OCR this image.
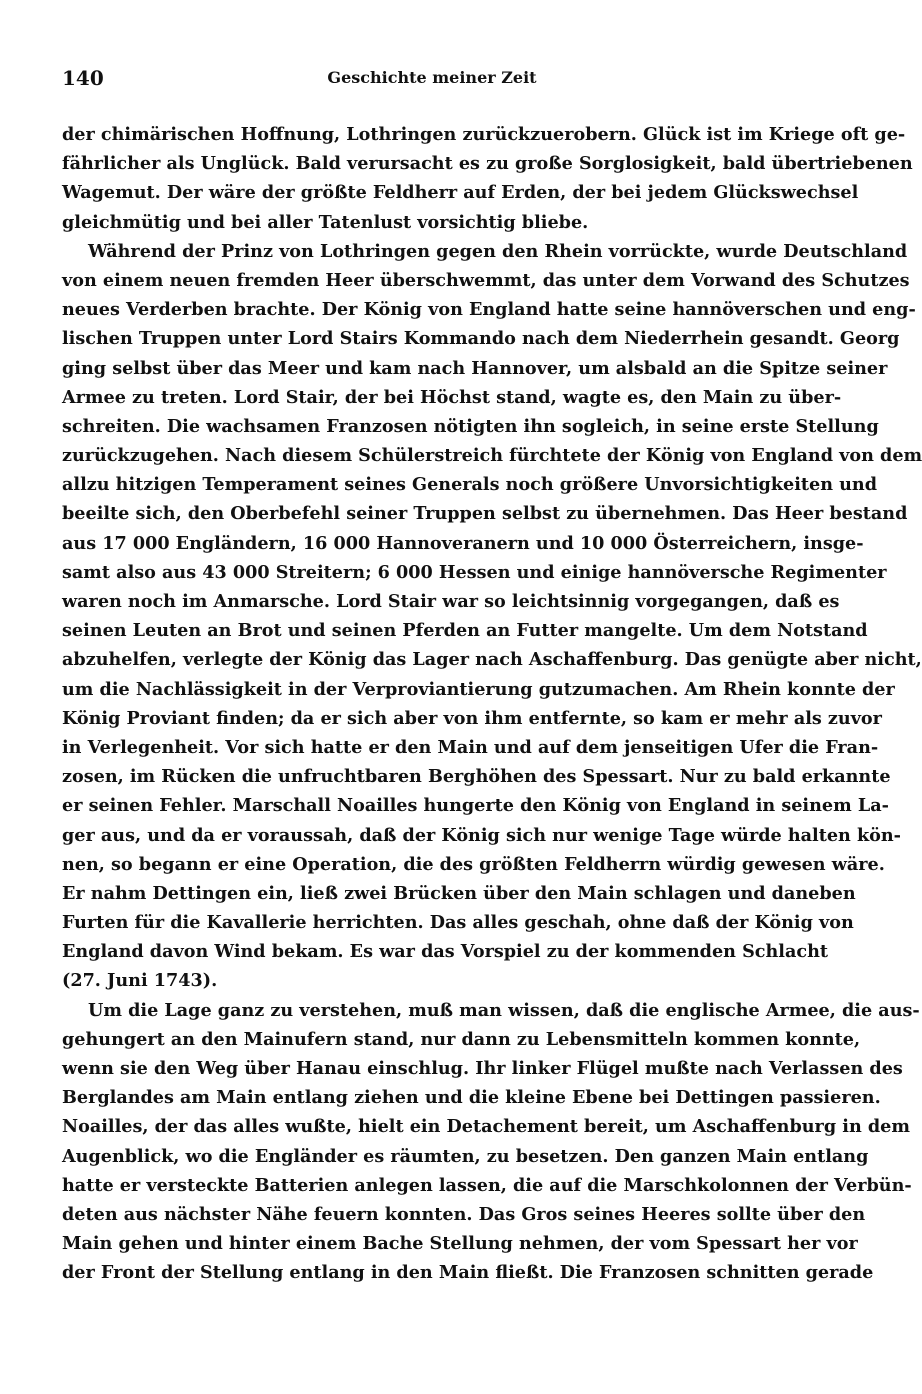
140	Geschichte meiner Zeit
der chimärischen Hoffnung, Lothringen zurückzuerobern. Glück ist im Kriege oft ge-
fährlicher als Unglück. Bald verursacht es zu große Sorglosigkeit, bald übertriebenen
Wagemut. Der wäre der größte Feldherr auf Erden, der bei jedem Glückswechsel
gleichmütig und bei aller Tatenlust vorsichtig bliebe.
Während der Prinz von Lothringen gegen den Rhein vorrückte, wurde Deutschland
von einem neuen fremden Heer überschwemmt, das unter dem Vorwand des Schutzes
neues Verderben brachte. Der König von England hatte seine hannöverschen und eng-
lischen Truppen unter Lord Stairs Kommando nach dem Niederrhein gesandt. Georg
ging selbst über das Meer und kam nach Hannover, um alsbald an die Spitze seiner
Armee zu treten. Lord Stair, der bei Höchst stand, wagte es, den Main zu über-
schreiten. Die wachsamen Franzosen nötigten ihn sogleich, in seine erste Stellung
zurückzugehen. Nach diesem Schülerstreich fürchtete der König von England von dem
allzu hitzigen Temperament seines Generals noch größere Unvorsichtigkeiten und
beeilte sich, den Oberbefehl seiner Truppen selbst zu übernehmen. Das Heer bestand
aus 17 000 Engländern, 16 000 Hannoveranern und 10 000 Österreichern, insge-
samt also aus 43 000 Streitern; 6 000 Hessen und einige hannöversche Regimenter
waren noch im Anmarsche. Lord Stair war so leichtsinnig vorgegangen, daß es
seinen Leuten an Brot und seinen Pferden an Futter mangelte. Um dem Notstand
abzuhelfen, verlegte der König das Lager nach Aschaffenburg. Das genügte aber nicht,
um die Nachlässigkeit in der Verproviantierung gutzumachen. Am Rhein konnte der
König Proviant finden; da er sich aber von ihm entfernte, so kam er mehr als zuvor
in Verlegenheit. Vor sich hatte er den Main und auf dem jenseitigen Ufer die Fran-
zosen, im Rücken die unfruchtbaren Berghöhen des Spessart. Nur zu bald erkannte
er seinen Fehler. Marschall Noailles hungerte den König von England in seinem La-
ger aus, und da er voraussah, daß der König sich nur wenige Tage würde halten kön-
nen, so begann er eine Operation, die des größten Feldherrn würdig gewesen wäre.
Er nahm Dettingen ein, ließ zwei Brücken über den Main schlagen und daneben
Furten für die Kavallerie herrichten. Das alles geschah, ohne daß der König von
England davon Wind bekam. Es war das Vorspiel zu der kommenden Schlacht
(27. Juni 1743).
Um die Lage ganz zu verstehen, muß man wissen, daß die englische Armee, die aus-
gehungert an den Mainufern stand, nur dann zu Lebensmitteln kommen konnte,
wenn sie den Weg über Hanau einschlug. Ihr linker Flügel mußte nach Verlassen des
Berglandes am Main entlang ziehen und die kleine Ebene bei Dettingen passieren.
Noailles, der das alles wußte, hielt ein Detachement bereit, um Aschaffenburg in dem
Augenblick, wo die Engländer es räumten, zu besetzen. Den ganzen Main entlang
hatte er versteckte Batterien anlegen lassen, die auf die Marschkolonnen der Verbün-
deten aus nächster Nähe feuern konnten. Das Gros seines Heeres sollte über den
Main gehen und hinter einem Bache Stellung nehmen, der vom Spessart her vor
der Front der Stellung entlang in den Main fließt. Die Franzosen schnitten gerade
